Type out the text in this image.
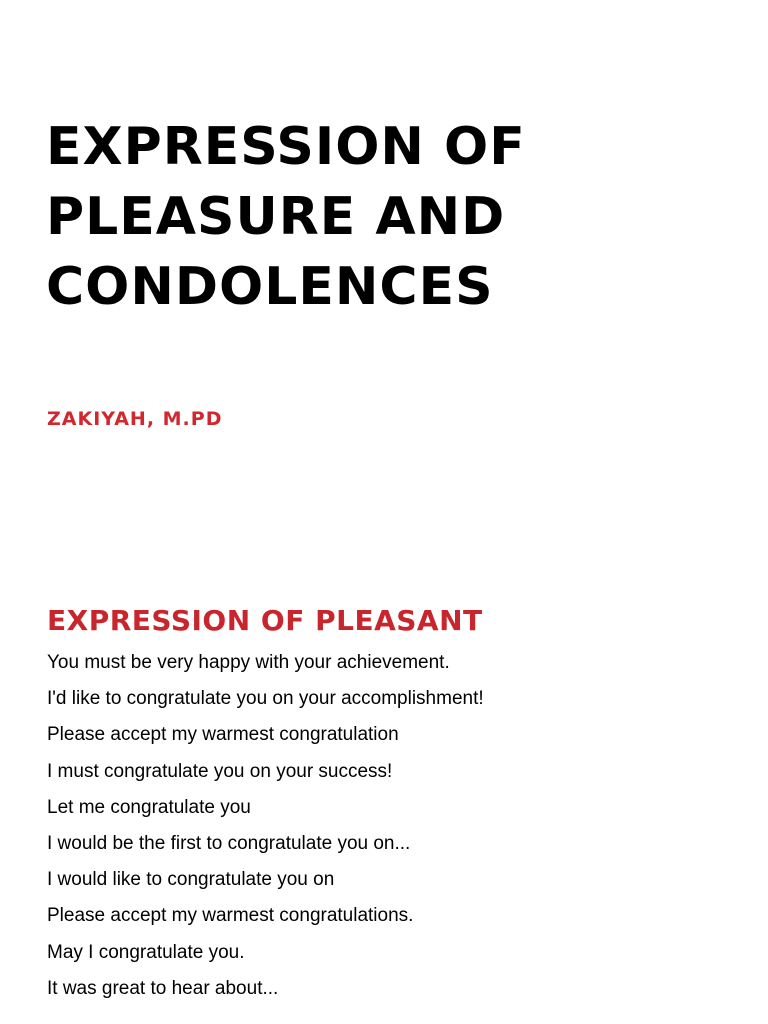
EXPRESSION OF
PLEASURE AND
CONDOLENCES

ZAKIYAH, M.PD

EXPRESSION OF PLEASANT
You must be very happy with your achievement.
I'd like to congratulate you on your accomplishment!
Please accept my warmest congratulation
I must congratulate you on your success!
Let me congratulate you
I would be the first to congratulate you on...
I would like to congratulate you on
Please accept my warmest congratulations.
May I congratulate you.
It was great to hear about...
